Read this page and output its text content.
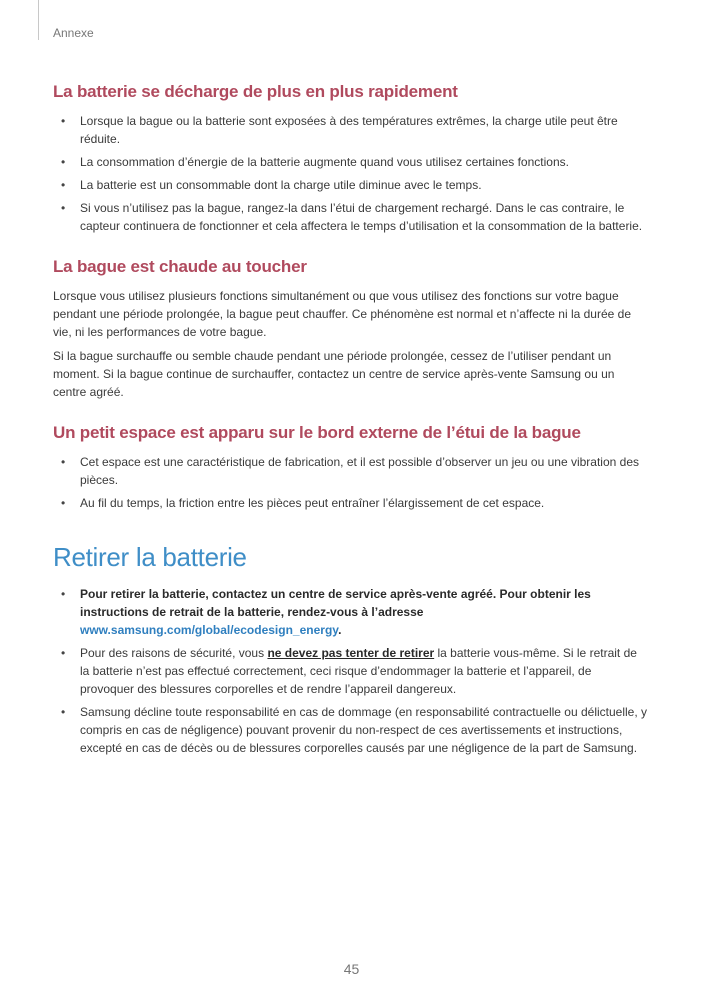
Annexe
La batterie se décharge de plus en plus rapidement
• Lorsque la bague ou la batterie sont exposées à des températures extrêmes, la charge utile peut être réduite.
• La consommation d’énergie de la batterie augmente quand vous utilisez certaines fonctions.
• La batterie est un consommable dont la charge utile diminue avec le temps.
• Si vous n’utilisez pas la bague, rangez-la dans l’étui de chargement rechargé. Dans le cas contraire, le capteur continuera de fonctionner et cela affectera le temps d’utilisation et la consommation de la batterie.
La bague est chaude au toucher

Lorsque vous utilisez plusieurs fonctions simultanément ou que vous utilisez des fonctions sur votre bague pendant une période prolongée, la bague peut chauffer. Ce phénomène est normal et n’affecte ni la durée de vie, ni les performances de votre bague.

Si la bague surchauffe ou semble chaude pendant une période prolongée, cessez de l’utiliser pendant un moment. Si la bague continue de surchauffer, contactez un centre de service après-vente Samsung ou un centre agréé.

Un petit espace est apparu sur le bord externe de l’étui de la bague
• Cet espace est une caractéristique de fabrication, et il est possible d’observer un jeu ou une vibration des pièces.
• Au fil du temps, la friction entre les pièces peut entraîner l’élargissement de cet espace.
Retirer la batterie
• Pour retirer la batterie, contactez un centre de service après-vente agréé. Pour obtenir les instructions de retrait de la batterie, rendez-vous à l’adresse www.samsung.com/global/ecodesign_energy.
• Pour des raisons de sécurité, vous ne devez pas tenter de retirer la batterie vous-même. Si le retrait de la batterie n’est pas effectué correctement, ceci risque d’endommager la batterie et l’appareil, de provoquer des blessures corporelles et de rendre l’appareil dangereux.
• Samsung décline toute responsabilité en cas de dommage (en responsabilité contractuelle ou délictuelle, y compris en cas de négligence) pouvant provenir du non-respect de ces avertissements et instructions, excepté en cas de décès ou de blessures corporelles causés par une négligence de la part de Samsung.
45
